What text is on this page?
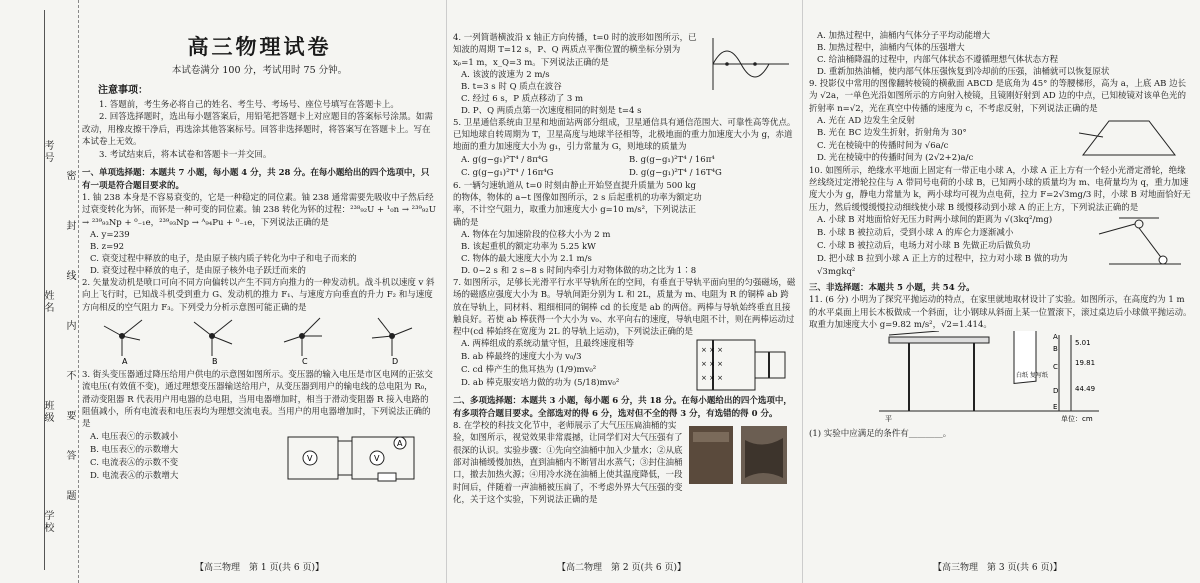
考号
姓名
班级
学校
密
封
线
内
不
要
答
题
高三物理试卷
本试卷满分 100 分，考试用时 75 分钟。
注意事项：

1. 答题前，考生务必将自己的姓名、考生号、考场号、座位号填写在答题卡上。

2. 回答选择题时，选出每小题答案后，用铅笔把答题卡上对应题目的答案标号涂黑。如需改动，用橡皮擦干净后，再选涂其他答案标号。回答非选择题时，将答案写在答题卡上。写在本试卷上无效。

3. 考试结束后，将本试卷和答题卡一并交回。

一、单项选择题：本题共 7 小题，每小题 4 分，共 28 分。在每小题给出的四个选项中，只有一项是符合题目要求的。

1. 铀 238 本身是不容易衰变的，它是一种稳定的同位素。铀 238 通常需要先吸收中子然后经过衰变转化为钚，而钚是一种可变的同位素。铀 238 转化为钚的过程：²³⁸₉₂U + ¹₀n → ²³⁹₉₂U → ²³⁹₉₃Np + ⁰₋₁e，²³⁹₉₃Np → ᴬ₉₄Pu + ⁰₋₁e，下列说法正确的是

A. y=239

B. z=92

C. 衰变过程中释放的电子，是由原子核内质子转化为中子和电子而来的

D. 衰变过程中释放的电子，是由原子核外电子跃迁而来的

2. 矢量发动机是喷口可向不同方向偏转以产生不同方向推力的一种发动机。战斗机以速度 v 斜向上飞行时，已知战斗机受到重力 G、发动机的推力 F₁、与速度方向垂直的升力 F₂ 和与速度方向相反的空气阻力 F₃。下列受力分析示意图可能正确的是

A	B	C	D

3. 街头变压器通过降压给用户供电的示意图如图所示。变压器的输入电压是市区电网的正弦交流电压(有效值不变)，通过理想变压器输送给用户，从变压器到用户的输电线的总电阻为 R₀，滑动变阻器 R 代表用户用电器的总电阻，当用电器增加时，相当于滑动变阻器 R 接入电路的阻值减小，所有电流表和电压表均为理想交流电表。当用户的用电器增加时，下列说法正确的是

A. 电压表ⓥ的示数减小

B. 电压表ⓥ的示数增大

C. 电流表Ⓐ的示数不变

D. 电流表Ⓐ的示数增大

V	V
A
【高三物理　第 1 页(共 6 页)】

4. 一列简谐横波沿 x 轴正方向传播，t=0 时的波形如图所示，已知波的周期 T=12 s，P、Q 两质点平衡位置的横坐标分别为 xₚ=1 m，x_Q=3 m。下列说法正确的是

A. 该波的波速为 2 m/s

B. t=3 s 时 Q 质点在波谷

C. 经过 6 s，P 质点移动了 3 m

D. P、Q 两质点第一次速度相同的时刻是 t=4 s

5. 卫星通信系统由卫星和地面站两部分组成，卫星通信具有通信范围大、可靠性高等优点。已知地球自转周期为 T，卫星高度与地球半径相等，北极地面的重力加速度大小为 g，赤道地面的重力加速度大小为 g₁，引力常量为 G，则地球的质量为

A. g(g−g₁)²T⁴ / 8π⁴G	B. g(g−g₁)²T⁴ / 16π⁴

C. g(g−g₁)²T⁴ / 16π⁴G	D. g(g−g₁)²T⁴ / 16T⁴G

6. 一辆匀速轨道从 t=0 时刻由静止开始竖直提升质量为 500 kg 的物体，物体的 a−t 图像如图所示，2 s 后起重机的功率为额定功率，不计空气阻力，取重力加速度大小 g=10 m/s²，下列说法正确的是

A. 物体在匀加速阶段的位移大小为 2 m

B. 该起重机的额定功率为 5.25 kW

C. 物体的最大速度大小为 2.1 m/s

D. 0~2 s 和 2 s~8 s 时间内牵引力对物体做的功之比为 1∶8

7. 如图所示，足够长光滑平行水平导轨所在的空间，有垂直于导轨平面向里的匀强磁场，磁场的磁感应强度大小为 B。导轨间距分别为 L 和 2L，质量为 m、电阻为 R 的铜棒 ab 跨放在导轨上，同材料、粗细相同的铜棒 cd 的长度是 ab 的两倍。两棒与导轨始终垂直且接触良好。若使 ab 棒获得一个大小为 v₀、水平向右的速度，导轨电阻不计，则在两棒运动过程中(cd 棒始终在宽度为 2L 的导轨上运动)，下列说法正确的是

A. 两棒组成的系统动量守恒，且最终速度相等

B. ab 棒最终的速度大小为 v₀/3

C. cd 棒产生的焦耳热为 (1/9)mv₀²

D. ab 棒克服安培力做的功为 (5/18)mv₀²

× × ×
× × ×
× × ×

二、多项选择题：本题共 3 小题，每小题 6 分，共 18 分。在每小题给出的四个选项中，有多项符合题目要求。全部选对的得 6 分，选对但不全的得 3 分，有选错的得 0 分。

8. 在学校的科技文化节中，老师展示了大气压压扁油桶的实验，如图所示，视觉效果非常震撼，让同学们对大气压强有了很深的认识。实验步骤：①先向空油桶中加入少量水；②从底部对油桶缓慢加热，直到油桶内不断冒出水蒸气；③封住油桶口，撤去加热火源；④用冷水浇在油桶上使其温度降低，一段时间后，伴随着一声油桶被压扁了，不考虑外界大气压强的变化，关于这个实验，下列说法正确的是

【高二物理　第 2 页(共 6 页)】

A. 加热过程中，油桶内气体分子平均动能增大

B. 加热过程中，油桶内气体的压强增大

C. 给油桶降温的过程中，内部气体状态不遵循理想气体状态方程

D. 重新加热油桶，使内部气体压强恢复到冷却前的压强，油桶就可以恢复原状

9. 投影仪中常用的图像翻转棱镜的横截面 ABCD 是底角为 45° 的等腰梯形，高为 a，上底 AB 边长为 √2a，一单色光沿如图所示的方向射入棱镜，且镜刚好射到 AD 边的中点，已知棱镜对该单色光的折射率 n=√2，光在真空中传播的速度为 c，不考虑反射，下列说法正确的是

A. 光在 AD 边发生全反射

B. 光在 BC 边发生折射，折射角为 30°

C. 光在棱镜中的传播时间为 √6a/c

D. 光在棱镜中的传播时间为 (2√2+2)a/c

10. 如图所示，绝缘水平地面上固定有一带正电小球 A，小球 A 正上方有一个轻小光滑定滑轮，绝缘丝线绕过定滑轮拉住与 A 带同号电荷的小球 B，已知两小球的质量均为 m、电荷量均为 q，重力加速度大小为 g，静电力常量为 k，两小球均可视为点电荷，拉力 F=2√3mg/3 时，小球 B 对地面恰好无压力，然后缓慢缓慢拉动细线使小球 B 缓慢移动到小球 A 的正上方，下列说法正确的是

A. 小球 B 对地面恰好无压力时两小球间的距离为 √(3kq²/mg)

B. 小球 B 被拉动后，受到小球 A 的库仑力逐渐减小

C. 小球 B 被拉动后，电场力对小球 B 先做正功后做负功

D. 把小球 B 拉到小球 A 正上方的过程中，拉力对小球 B 做的功为 √3mgkq²

三、非选择题：本题共 5 小题，共 54 分。

11. (6 分) 小明为了探究平抛运动的特点，在家里就地取材设计了实验。如图所示，在高度约为 1 m 的水平桌面上用长木板做成一个斜面，让小钢球从斜面上某一位置滚下，滚过桌边后小球做平抛运动。取重力加速度大小 g=9.82 m/s²，√2=1.414。

平
白纸 复写纸
A
B
C
D
E
5.01
19.81
44.49
单位：cm

(1) 实验中应满足的条件有________。

【高三物理　第 3 页(共 6 页)】
